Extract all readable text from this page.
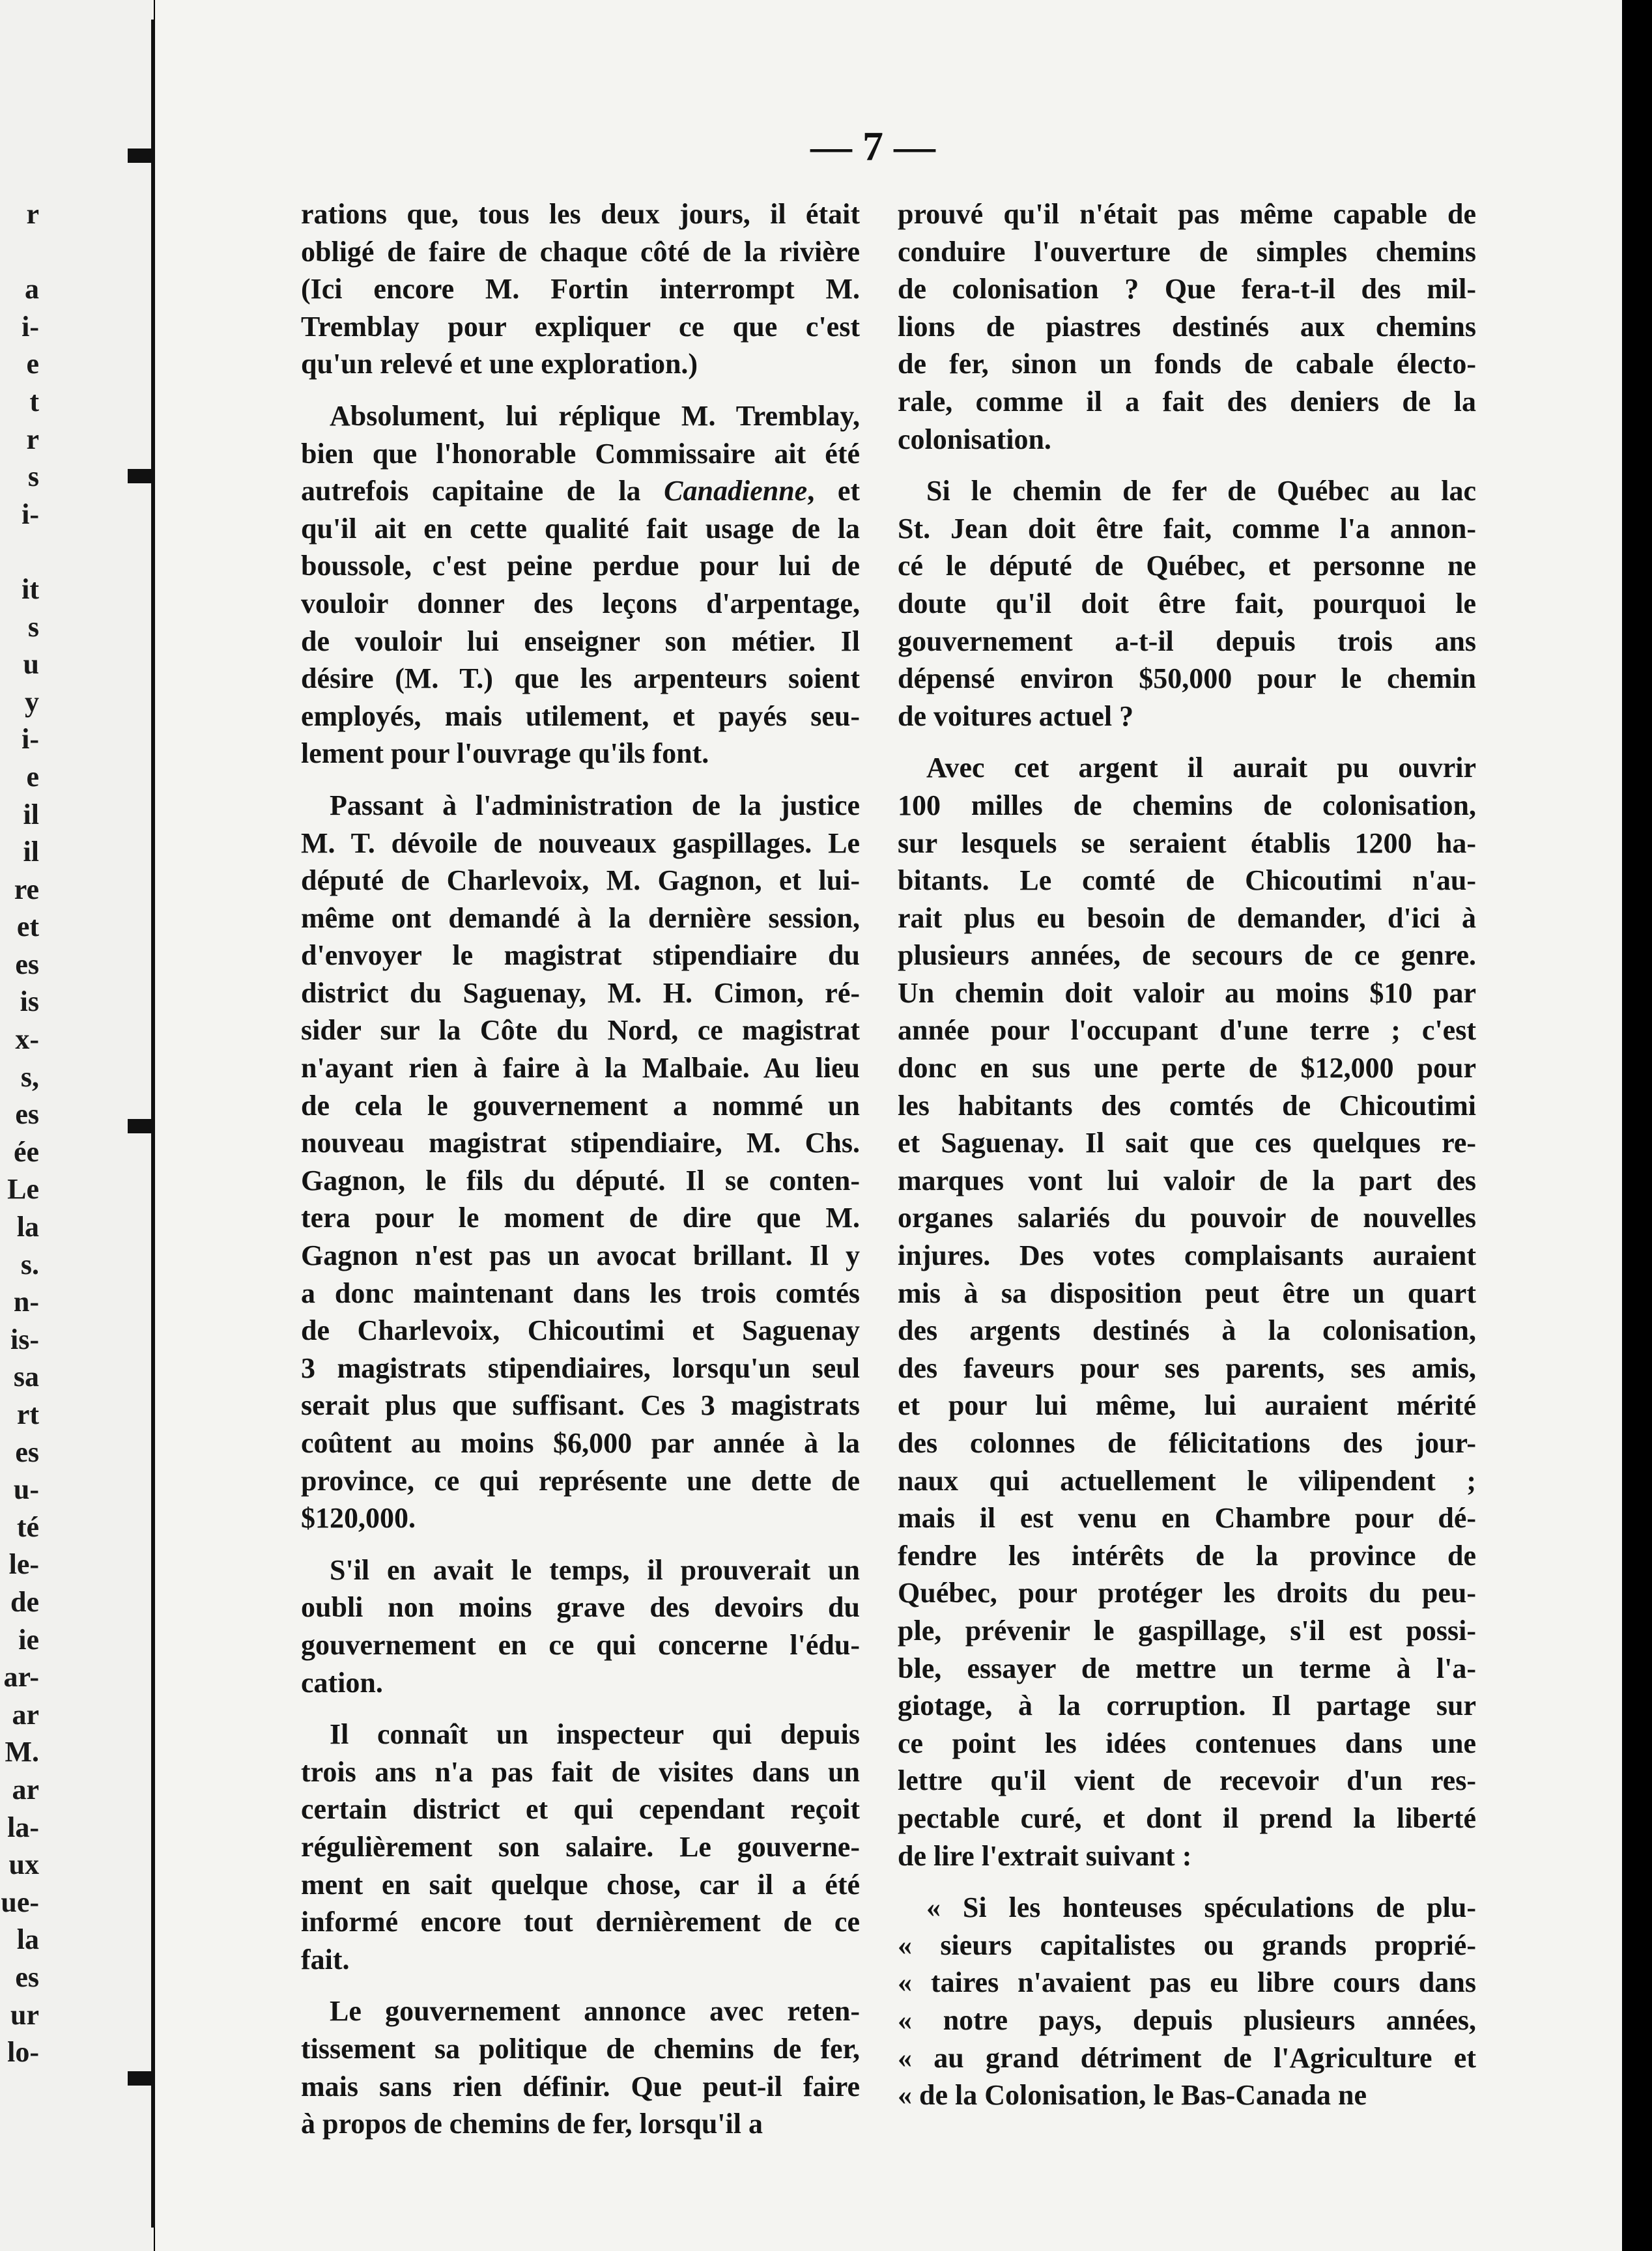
r
a
i-
e
t
r
s
i-
it
s
u
y
i-
e
il
il
re
et
es
is
x-
s,
es
ée
Le
la
s.
n-
is-
sa
rt
es
u-
té
le-
de
ie
ar-
ar
M.
ar
la-
ux
ue-
la
es
ur
lo-
— 7 —
rations que, tous les deux jours, il était
obligé de faire de chaque côté de la rivière
(Ici encore M. Fortin interrompt M.
Tremblay pour expliquer ce que c'est
qu'un relevé et une exploration.)
Absolument, lui réplique M. Tremblay,
bien que l'honorable Commissaire ait été
autrefois capitaine de la Canadienne, et
qu'il ait en cette qualité fait usage de la
boussole, c'est peine perdue pour lui de
vouloir donner des leçons d'arpentage,
de vouloir lui enseigner son métier. Il
désire (M. T.) que les arpenteurs soient
employés, mais utilement, et payés seu-
lement pour l'ouvrage qu'ils font.
Passant à l'administration de la justice
M. T. dévoile de nouveaux gaspillages. Le
député de Charlevoix, M. Gagnon, et lui-
même ont demandé à la dernière session,
d'envoyer le magistrat stipendiaire du
district du Saguenay, M. H. Cimon, ré-
sider sur la Côte du Nord, ce magistrat
n'ayant rien à faire à la Malbaie. Au lieu
de cela le gouvernement a nommé un
nouveau magistrat stipendiaire, M. Chs.
Gagnon, le fils du député. Il se conten-
tera pour le moment de dire que M.
Gagnon n'est pas un avocat brillant. Il y
a donc maintenant dans les trois comtés
de Charlevoix, Chicoutimi et Saguenay
3 magistrats stipendiaires, lorsqu'un seul
serait plus que suffisant. Ces 3 magistrats
coûtent au moins $6,000 par année à la
province, ce qui représente une dette de
$120,000.
S'il en avait le temps, il prouverait un
oubli non moins grave des devoirs du
gouvernement en ce qui concerne l'édu-
cation.
Il connaît un inspecteur qui depuis
trois ans n'a pas fait de visites dans un
certain district et qui cependant reçoit
régulièrement son salaire. Le gouverne-
ment en sait quelque chose, car il a été
informé encore tout dernièrement de ce
fait.
Le gouvernement annonce avec reten-
tissement sa politique de chemins de fer,
mais sans rien définir. Que peut-il faire
à propos de chemins de fer, lorsqu'il a
prouvé qu'il n'était pas même capable de
conduire l'ouverture de simples chemins
de colonisation ? Que fera-t-il des mil-
lions de piastres destinés aux chemins
de fer, sinon un fonds de cabale électo-
rale, comme il a fait des deniers de la
colonisation.
Si le chemin de fer de Québec au lac
St. Jean doit être fait, comme l'a annon-
cé le député de Québec, et personne ne
doute qu'il doit être fait, pourquoi le
gouvernement a-t-il depuis trois ans
dépensé environ $50,000 pour le chemin
de voitures actuel ?
Avec cet argent il aurait pu ouvrir
100 milles de chemins de colonisation,
sur lesquels se seraient établis 1200 ha-
bitants. Le comté de Chicoutimi n'au-
rait plus eu besoin de demander, d'ici à
plusieurs années, de secours de ce genre.
Un chemin doit valoir au moins $10 par
année pour l'occupant d'une terre ; c'est
donc en sus une perte de $12,000 pour
les habitants des comtés de Chicoutimi
et Saguenay. Il sait que ces quelques re-
marques vont lui valoir de la part des
organes salariés du pouvoir de nouvelles
injures. Des votes complaisants auraient
mis à sa disposition peut être un quart
des argents destinés à la colonisation,
des faveurs pour ses parents, ses amis,
et pour lui même, lui auraient mérité
des colonnes de félicitations des jour-
naux qui actuellement le vilipendent ;
mais il est venu en Chambre pour dé-
fendre les intérêts de la province de
Québec, pour protéger les droits du peu-
ple, prévenir le gaspillage, s'il est possi-
ble, essayer de mettre un terme à l'a-
giotage, à la corruption. Il partage sur
ce point les idées contenues dans une
lettre qu'il vient de recevoir d'un res-
pectable curé, et dont il prend la liberté
de lire l'extrait suivant :
« Si les honteuses spéculations de plu-
« sieurs capitalistes ou grands proprié-
« taires n'avaient pas eu libre cours dans
« notre pays, depuis plusieurs années,
« au grand détriment de l'Agriculture et
« de la Colonisation, le Bas-Canada ne
